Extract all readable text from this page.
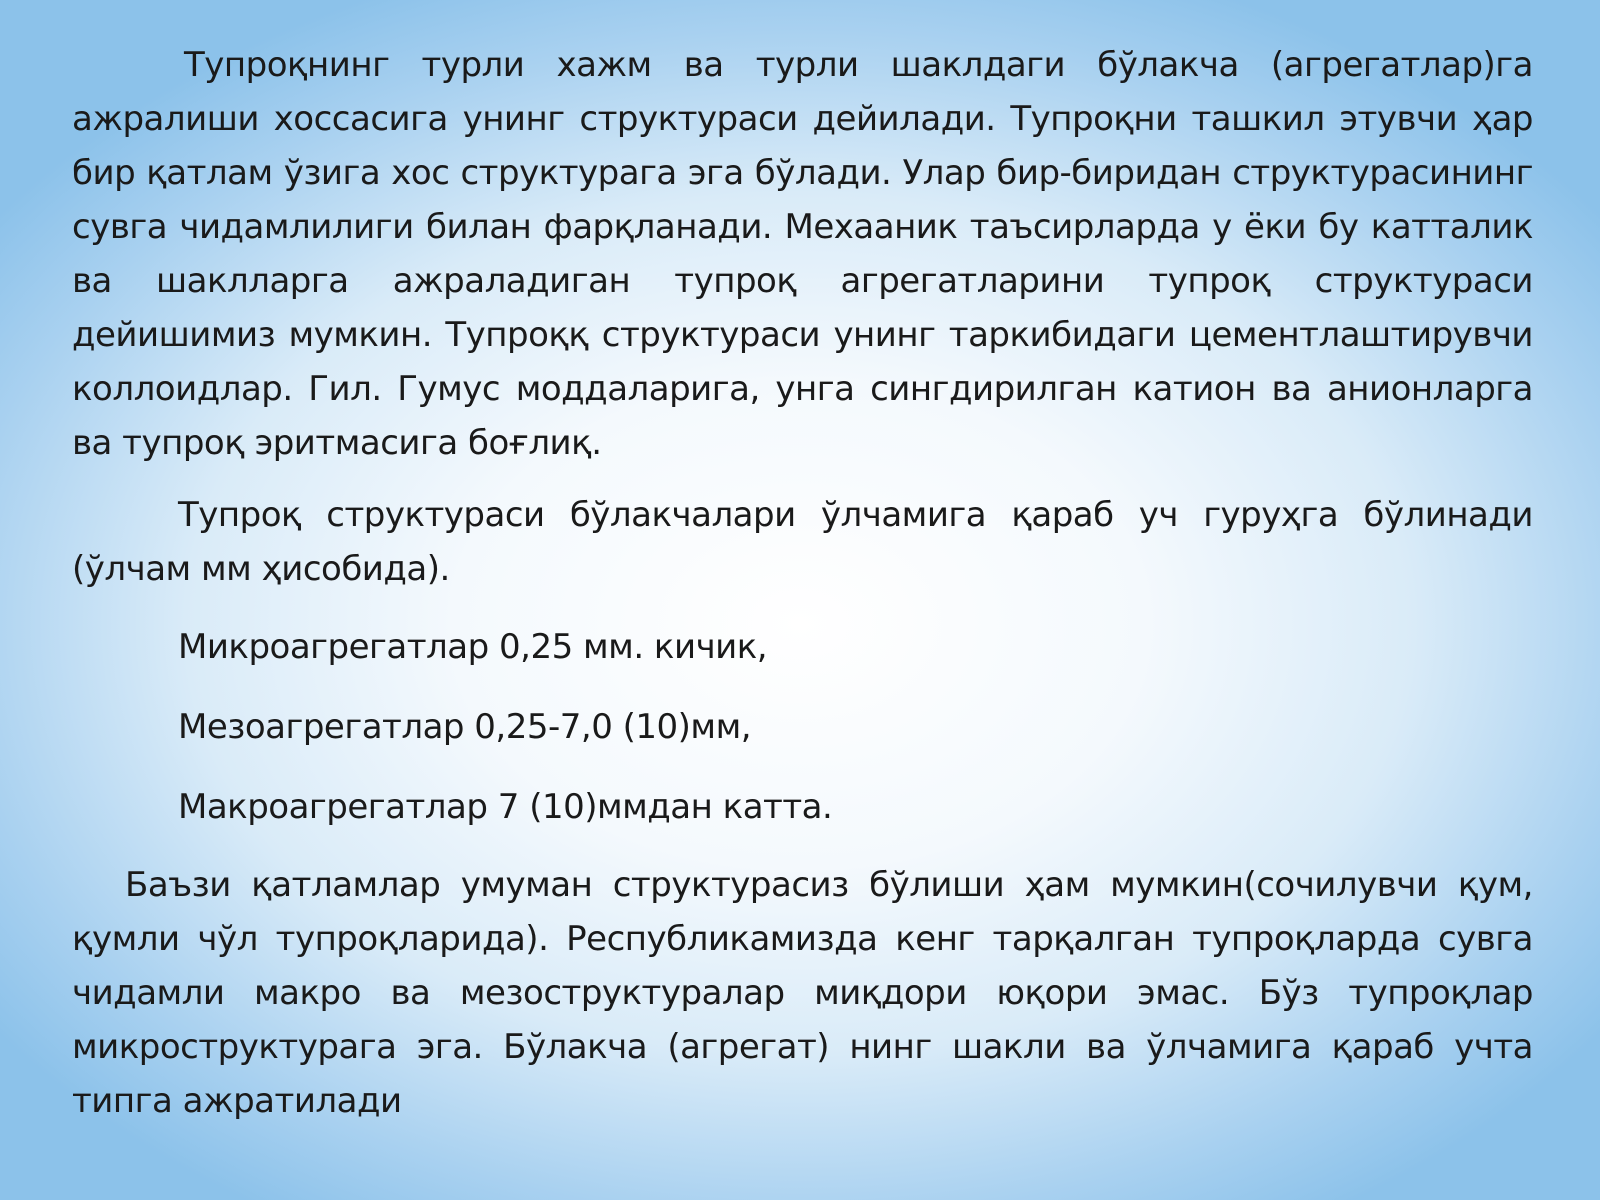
Тупроқнинг турли хажм ва турли шаклдаги бўлакча (агрегатлар)га ажралиши хоссасига унинг структураси дейилади. Тупроқни ташкил этувчи ҳар бир қатлам ўзига хос структурага эга бўлади. Улар бир-биридан структурасининг сувга чидамлилиги билан фарқланади. Мехааник таъсирларда у ёки бу катталик ва шаклларга ажраладиган тупроқ агрегатларини тупроқ структураси дейишимиз мумкин. Тупроққ структураси унинг таркибидаги цементлаштирувчи коллоидлар. Гил. Гумус моддаларига, унга сингдирилган катион ва анионларга ва тупроқ эритмасига боғлиқ.

Тупроқ структураси бўлакчалари ўлчамига қараб уч гуруҳга бўлинади (ўлчам мм ҳисобида).

Микроагрегатлар 0,25 мм. кичик,

Мезоагрегатлар 0,25-7,0 (10)мм,

Макроагрегатлар 7 (10)ммдан катта.

Баъзи қатламлар умуман структурасиз бўлиши ҳам мумкин(сочилувчи қум, қумли чўл тупроқларида). Республикамизда кенг тарқалган тупроқларда сувга чидамли макро ва мезоструктуралар миқдори юқори эмас. Бўз тупроқлар микроструктурага эга. Бўлакча (агрегат) нинг шакли ва ўлчамига қараб учта типга ажратилади
